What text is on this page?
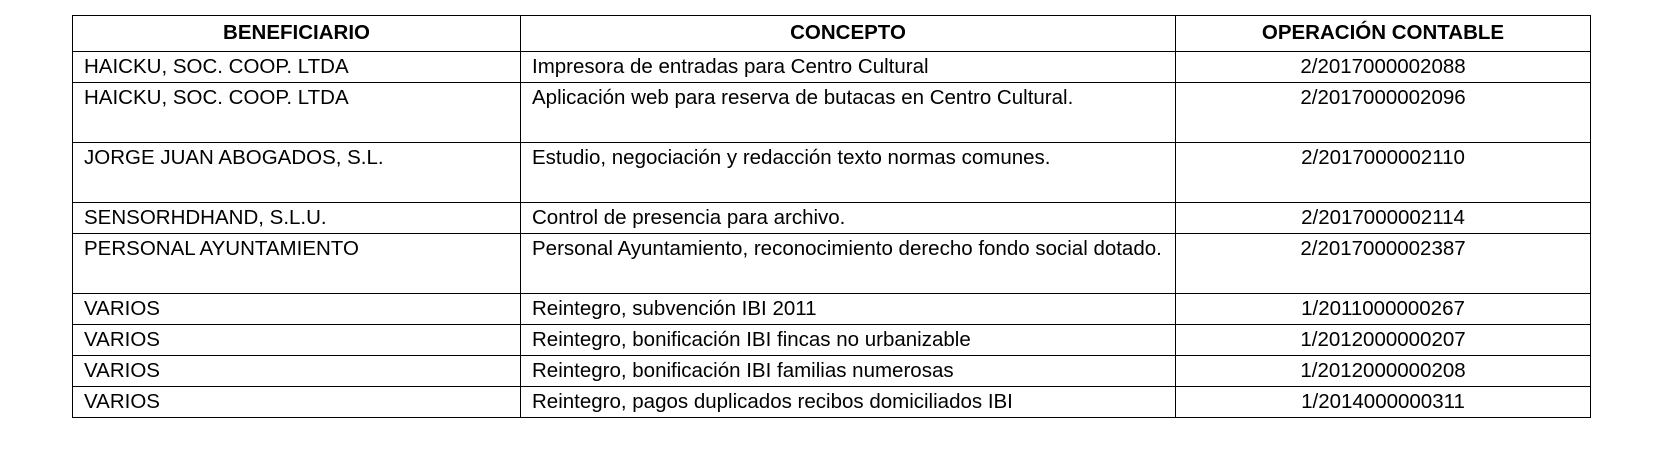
BENEFICIARIO	CONCEPTO	OPERACIÓN CONTABLE
HAICKU, SOC. COOP. LTDA	Impresora de entradas para Centro Cultural	2/2017000002088
HAICKU, SOC. COOP. LTDA	Aplicación web para reserva de butacas en Centro Cultural.	2/2017000002096
JORGE JUAN ABOGADOS, S.L.	Estudio, negociación y redacción texto normas comunes.	2/2017000002110
SENSORHDHAND, S.L.U.	Control de presencia para archivo.	2/2017000002114
PERSONAL AYUNTAMIENTO	Personal Ayuntamiento, reconocimiento derecho fondo social dotado.	2/2017000002387
VARIOS	Reintegro, subvención IBI 2011	1/2011000000267
VARIOS	Reintegro, bonificación IBI fincas no urbanizable	1/2012000000207
VARIOS	Reintegro, bonificación IBI familias numerosas	1/2012000000208
VARIOS	Reintegro, pagos duplicados recibos domiciliados IBI	1/2014000000311
